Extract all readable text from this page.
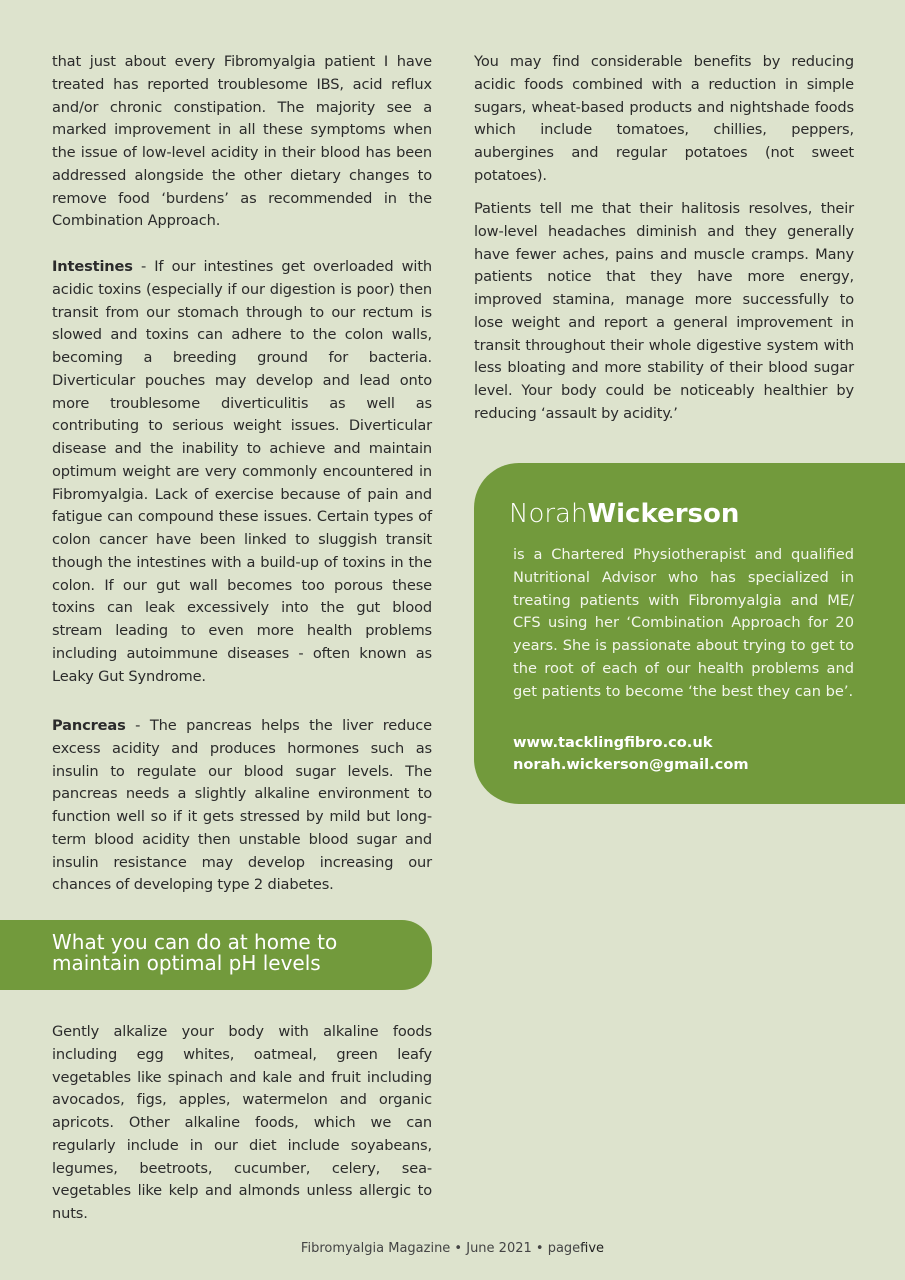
that just about every Fibromyalgia patient I have treated has reported troublesome IBS, acid reflux and/or chronic constipation. The majority see a marked improvement in all these symptoms when the issue of low-level acidity in their blood has been addressed alongside the other dietary changes to remove food ‘burdens’ as recommended in the Combination Approach.
Intestines - If our intestines get overloaded with acidic toxins (especially if our digestion is poor) then transit from our stomach through to our rectum is slowed and toxins can adhere to the colon walls, becoming a breeding ground for bacteria. Diverticular pouches may develop and lead onto more troublesome diverticulitis as well as contributing to serious weight issues. Diverticular disease and the inability to achieve and maintain optimum weight are very commonly encountered in Fibromyalgia. Lack of exercise because of pain and fatigue can compound these issues. Certain types of colon cancer have been linked to sluggish transit though the intestines with a build-up of toxins in the colon. If our gut wall becomes too porous these toxins can leak excessively into the gut blood stream leading to even more health problems including autoimmune diseases - often known as Leaky Gut Syndrome.
Pancreas - The pancreas helps the liver reduce excess acidity and produces hormones such as insulin to regulate our blood sugar levels. The pancreas needs a slightly alkaline environment to function well so if it gets stressed by mild but long-term blood acidity then unstable blood sugar and insulin resistance may develop increasing our chances of developing type 2 diabetes.
What you can do at home to
maintain optimal pH levels
Gently alkalize your body with alkaline foods including egg whites, oatmeal, green leafy vegetables like spinach and kale and fruit including avocados, figs, apples, watermelon and organic apricots. Other alkaline foods, which we can regularly include in our diet include soyabeans, legumes, beetroots, cucumber, celery, sea-vegetables like kelp and almonds unless allergic to nuts.
You may find considerable benefits by reducing acidic foods combined with a reduction in simple sugars, wheat-based products and nightshade foods which include tomatoes, chillies, peppers, aubergines and regular potatoes (not sweet potatoes).
Patients tell me that their halitosis resolves, their low-level headaches diminish and they generally have fewer aches, pains and muscle cramps. Many patients notice that they have more energy, improved stamina, manage more successfully to lose weight and report a general improvement in transit throughout their whole digestive system with less bloating and more stability of their blood sugar level. Your body could be noticeably healthier by reducing ‘assault by acidity.’
NorahWickerson
is a Chartered Physiotherapist and qualified Nutritional Advisor who has specialized in treating patients with Fibromyalgia and ME/ CFS using her ‘Combination Approach for 20 years. She is passionate about trying to get to the root of each of our health problems and get patients to become ‘the best they can be’.
www.tacklingfibro.co.uk
norah.wickerson@gmail.com
Fibromyalgia Magazine • June 2021 • pagefive
